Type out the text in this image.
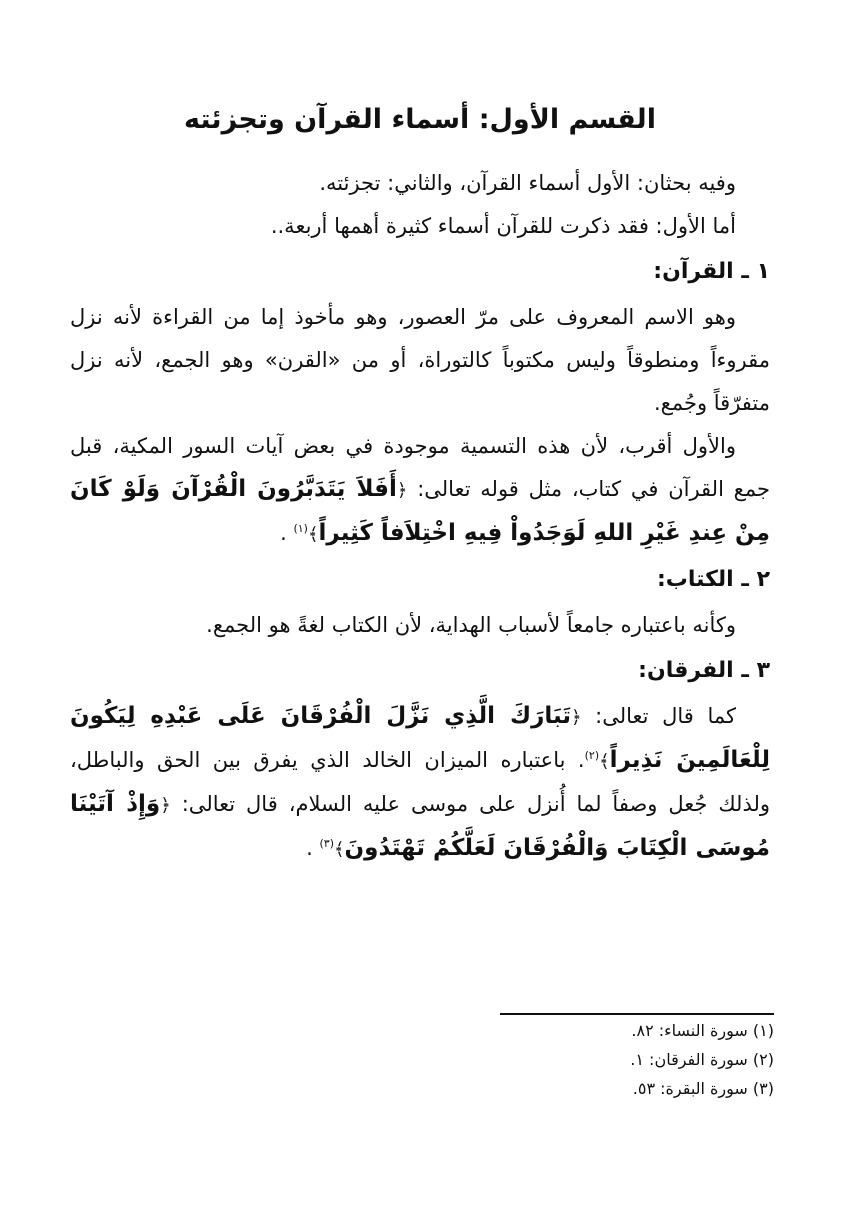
القسم الأول: أسماء القرآن وتجزئته

وفيه بحثان: الأول أسماء القرآن، والثاني: تجزئته.

أما الأول: فقد ذكرت للقرآن أسماء كثيرة أهمها أربعة..

١ ـ القرآن:

وهو الاسم المعروف على مرّ العصور، وهو مأخوذ إما من القراءة لأنه نزل مقروءاً ومنطوقاً وليس مكتوباً كالتوراة، أو من «القرن» وهو الجمع، لأنه نزل متفرّقاً وجُمع.

والأول أقرب، لأن هذه التسمية موجودة في بعض آيات السور المكية، قبل جمع القرآن في كتاب، مثل قوله تعالى: ﴿أَفَلاَ يَتَدَبَّرُونَ الْقُرْآنَ وَلَوْ كَانَ مِنْ عِندِ غَيْرِ اللهِ لَوَجَدُواْ فِيهِ اخْتِلاَفاً كَثِيراً﴾$^{(١)}$ .

٢ ـ الكتاب:

وكأنه باعتباره جامعاً لأسباب الهداية، لأن الكتاب لغةً هو الجمع.

٣ ـ الفرقان:

كما قال تعالى: ﴿تَبَارَكَ الَّذِي نَزَّلَ الْفُرْقَانَ عَلَى عَبْدِهِ لِيَكُونَ لِلْعَالَمِينَ نَذِيراً﴾$^{(٢)}$. باعتباره الميزان الخالد الذي يفرق بين الحق والباطل، ولذلك جُعل وصفاً لما أُنزل على موسى عليه السلام، قال تعالى: ﴿وَإِذْ آتَيْنَا مُوسَى الْكِتَابَ وَالْفُرْقَانَ لَعَلَّكُمْ تَهْتَدُونَ﴾$^{(٣)}$ .

(١) سورة النساء: ٨٢.

(٢) سورة الفرقان: ١.

(٣) سورة البقرة: ٥٣.
